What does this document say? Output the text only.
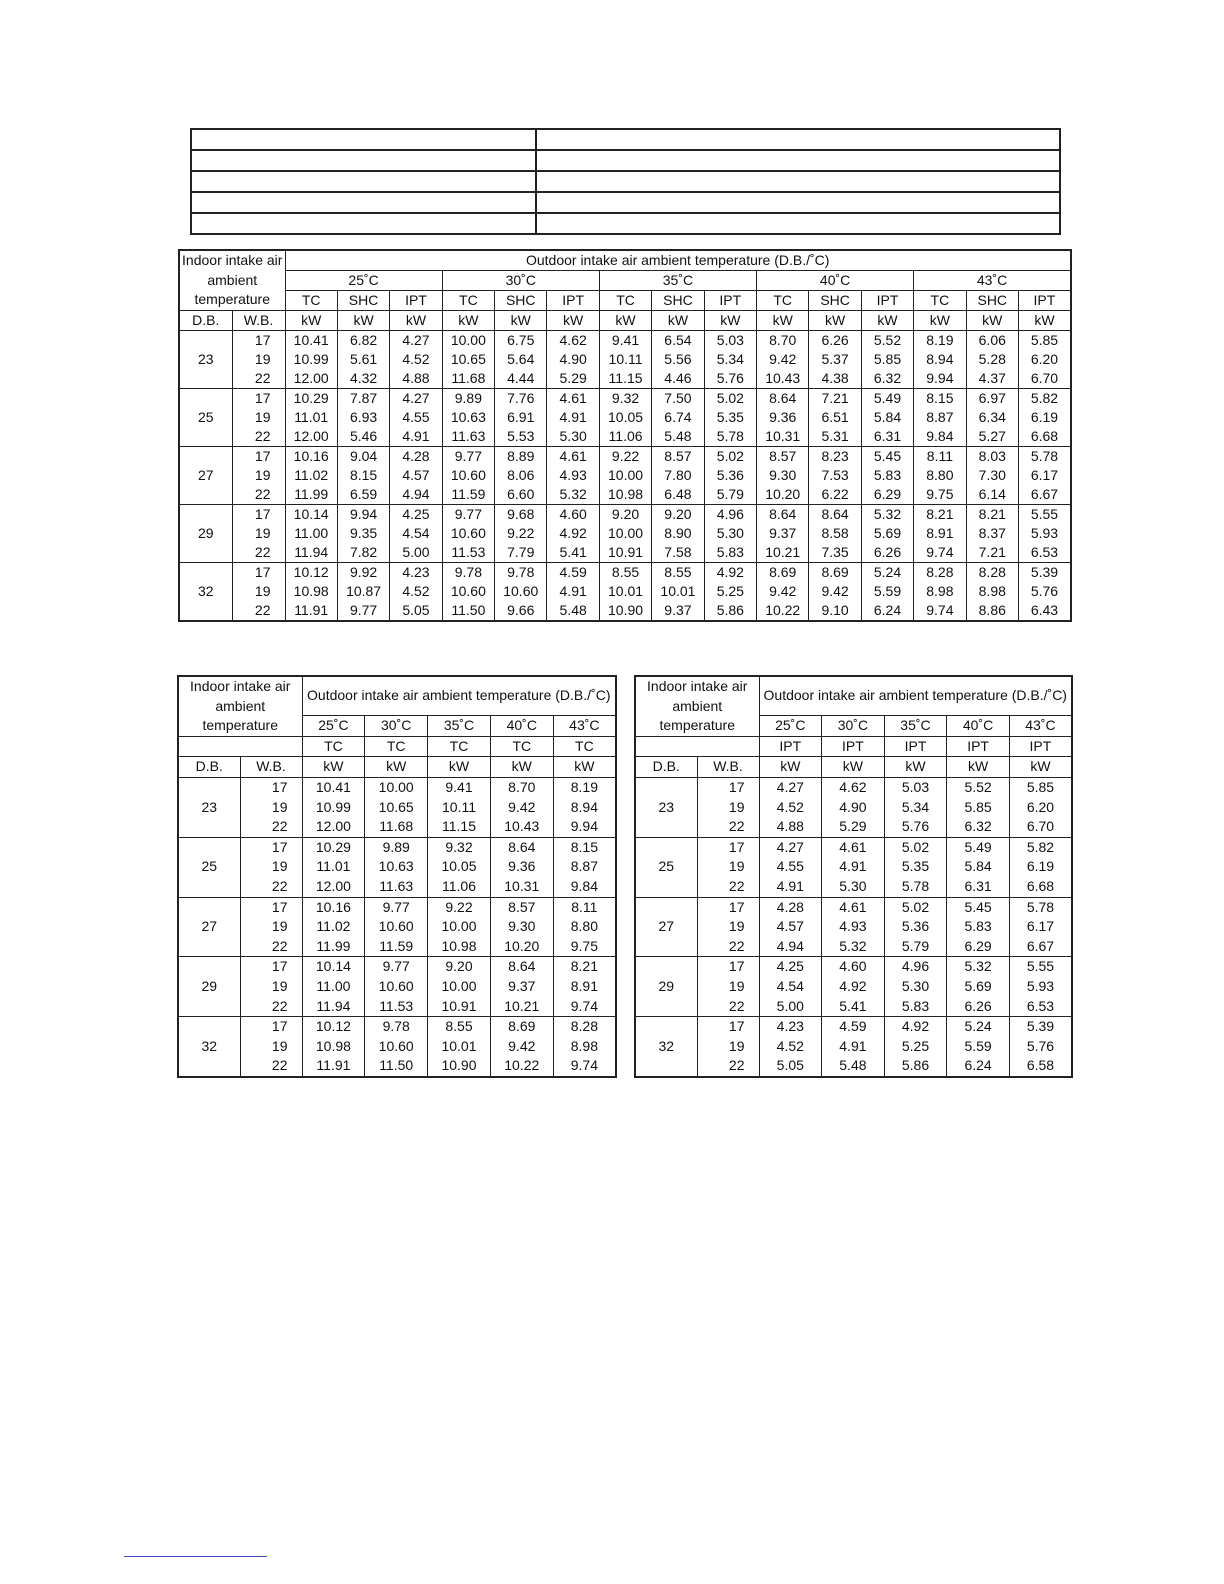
Indoor intake air ambient temperature		Outdoor intake air ambient temperature (D.B./˚C)														
		25˚C			30˚C			35˚C			40˚C			43˚C		
		TC	SHC	IPT	TC	SHC	IPT	TC	SHC	IPT	TC	SHC	IPT	TC	SHC	IPT
D.B.	W.B.	kW	kW	kW	kW	kW	kW	kW	kW	kW	kW	kW	kW	kW	kW	kW
23	17	10.41	6.82	4.27	10.00	6.75	4.62	9.41	6.54	5.03	8.70	6.26	5.52	8.19	6.06	5.85
	19	10.99	5.61	4.52	10.65	5.64	4.90	10.11	5.56	5.34	9.42	5.37	5.85	8.94	5.28	6.20
	22	12.00	4.32	4.88	11.68	4.44	5.29	11.15	4.46	5.76	10.43	4.38	6.32	9.94	4.37	6.70
25	17	10.29	7.87	4.27	9.89	7.76	4.61	9.32	7.50	5.02	8.64	7.21	5.49	8.15	6.97	5.82
	19	11.01	6.93	4.55	10.63	6.91	4.91	10.05	6.74	5.35	9.36	6.51	5.84	8.87	6.34	6.19
	22	12.00	5.46	4.91	11.63	5.53	5.30	11.06	5.48	5.78	10.31	5.31	6.31	9.84	5.27	6.68
27	17	10.16	9.04	4.28	9.77	8.89	4.61	9.22	8.57	5.02	8.57	8.23	5.45	8.11	8.03	5.78
	19	11.02	8.15	4.57	10.60	8.06	4.93	10.00	7.80	5.36	9.30	7.53	5.83	8.80	7.30	6.17
	22	11.99	6.59	4.94	11.59	6.60	5.32	10.98	6.48	5.79	10.20	6.22	6.29	9.75	6.14	6.67
29	17	10.14	9.94	4.25	9.77	9.68	4.60	9.20	9.20	4.96	8.64	8.64	5.32	8.21	8.21	5.55
	19	11.00	9.35	4.54	10.60	9.22	4.92	10.00	8.90	5.30	9.37	8.58	5.69	8.91	8.37	5.93
	22	11.94	7.82	5.00	11.53	7.79	5.41	10.91	7.58	5.83	10.21	7.35	6.26	9.74	7.21	6.53
32	17	10.12	9.92	4.23	9.78	9.78	4.59	8.55	8.55	4.92	8.69	8.69	5.24	8.28	8.28	5.39
	19	10.98	10.87	4.52	10.60	10.60	4.91	10.01	10.01	5.25	9.42	9.42	5.59	8.98	8.98	5.76
	22	11.91	9.77	5.05	11.50	9.66	5.48	10.90	9.37	5.86	10.22	9.10	6.24	9.74	8.86	6.43
Indoor intake air ambient temperature		Outdoor intake air ambient temperature (D.B./˚C)				

		25˚C	30˚C	35˚C	40˚C	43˚C
		TC	TC	TC	TC	TC
D.B.	W.B.	kW	kW	kW	kW	kW
23	17	10.41	10.00	9.41	8.70	8.19
	19	10.99	10.65	10.11	9.42	8.94
	22	12.00	11.68	11.15	10.43	9.94
25	17	10.29	9.89	9.32	8.64	8.15
	19	11.01	10.63	10.05	9.36	8.87
	22	12.00	11.63	11.06	10.31	9.84
27	17	10.16	9.77	9.22	8.57	8.11
	19	11.02	10.60	10.00	9.30	8.80
	22	11.99	11.59	10.98	10.20	9.75
29	17	10.14	9.77	9.20	8.64	8.21
	19	11.00	10.60	10.00	9.37	8.91
	22	11.94	11.53	10.91	10.21	9.74
32	17	10.12	9.78	8.55	8.69	8.28
	19	10.98	10.60	10.01	9.42	8.98
	22	11.91	11.50	10.90	10.22	9.74
Indoor intake air ambient temperature		Outdoor intake air ambient temperature (D.B./˚C)				

		25˚C	30˚C	35˚C	40˚C	43˚C
		IPT	IPT	IPT	IPT	IPT
D.B.	W.B.	kW	kW	kW	kW	kW
23	17	4.27	4.62	5.03	5.52	5.85
	19	4.52	4.90	5.34	5.85	6.20
	22	4.88	5.29	5.76	6.32	6.70
25	17	4.27	4.61	5.02	5.49	5.82
	19	4.55	4.91	5.35	5.84	6.19
	22	4.91	5.30	5.78	6.31	6.68
27	17	4.28	4.61	5.02	5.45	5.78
	19	4.57	4.93	5.36	5.83	6.17
	22	4.94	5.32	5.79	6.29	6.67
29	17	4.25	4.60	4.96	5.32	5.55
	19	4.54	4.92	5.30	5.69	5.93
	22	5.00	5.41	5.83	6.26	6.53
32	17	4.23	4.59	4.92	5.24	5.39
	19	4.52	4.91	5.25	5.59	5.76
	22	5.05	5.48	5.86	6.24	6.58
